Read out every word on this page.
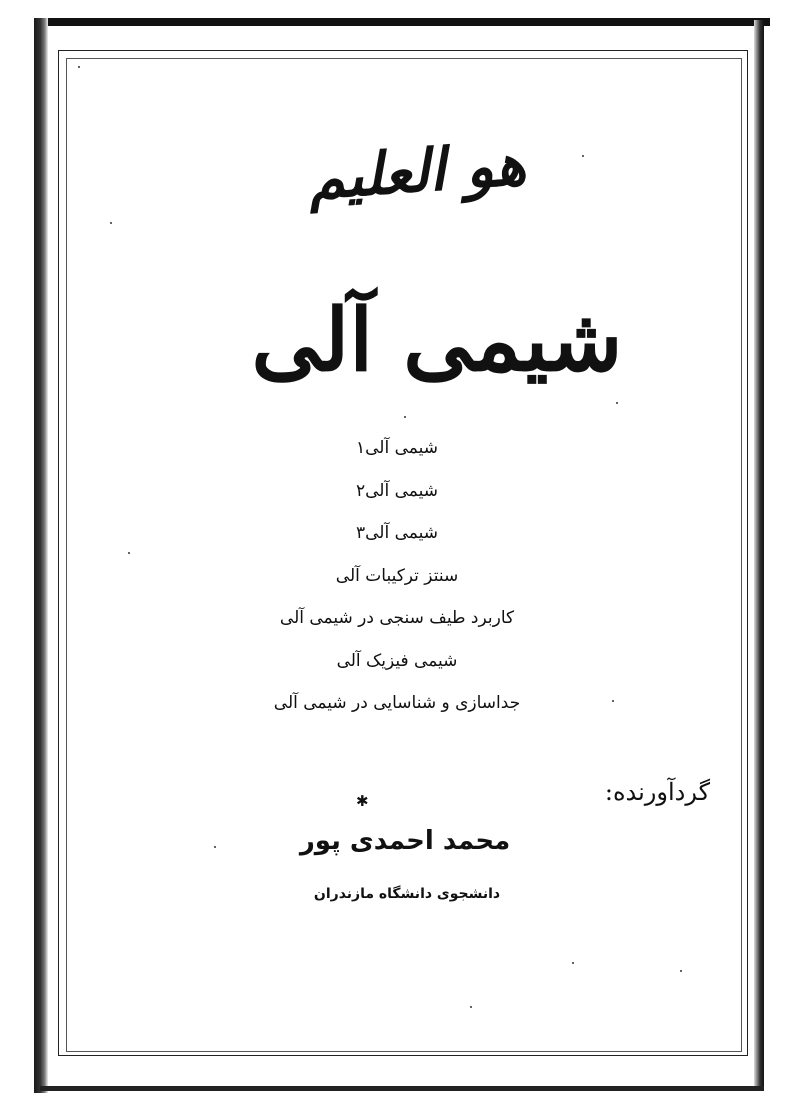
هو العلیم
شیمی آلی
شیمی آلی۱
شیمی آلی۲
شیمی آلی۳
سنتز ترکیبات آلی
کاربرد طیف سنجی در شیمی آلی
شیمی فیزیک آلی
جداسازی و شناسایی در شیمی آلی
گردآورنده:
✱
محمد احمدی پور
دانشجوی دانشگاه مازندران
